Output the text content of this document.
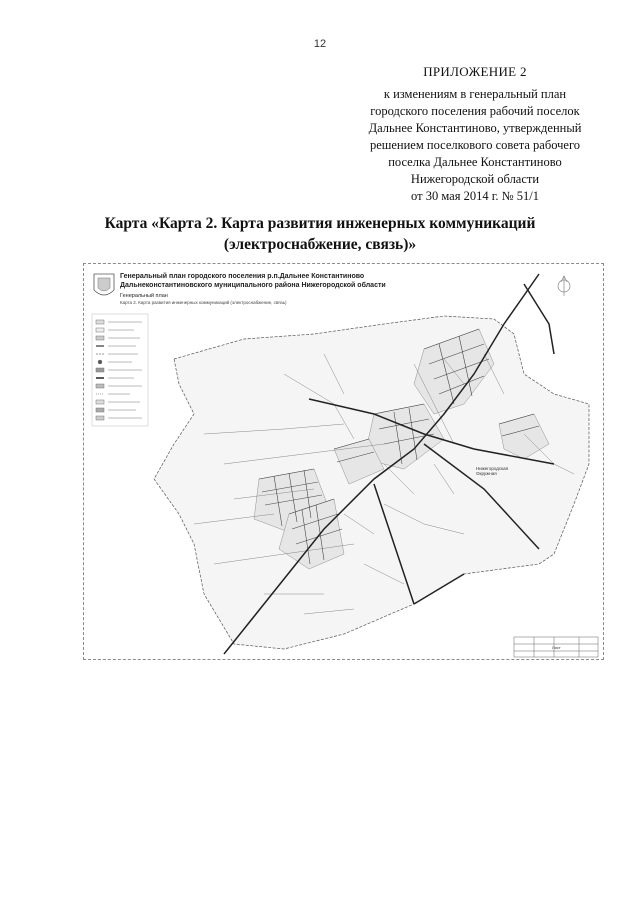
12
ПРИЛОЖЕНИЕ 2
к изменениям в генеральный план
городского поселения рабочий поселок
Дальнее Константиново, утвержденный
решением поселкового совета рабочего
поселка Дальнее Константиново
Нижегородской области
от 30 мая 2014 г. № 51/1
Карта «Карта 2. Карта развития инженерных коммуникаций
(электроснабжение, связь)»
Генеральный план городского поселения р.п.Дальнее Константиново
Дальнеконстантиновского муниципального района Нижегородской области
Генеральный план
Карта 2. Карта развития инженерных коммуникаций (электроснабжение, связь)
Нижегородская
Окружная
Лист
